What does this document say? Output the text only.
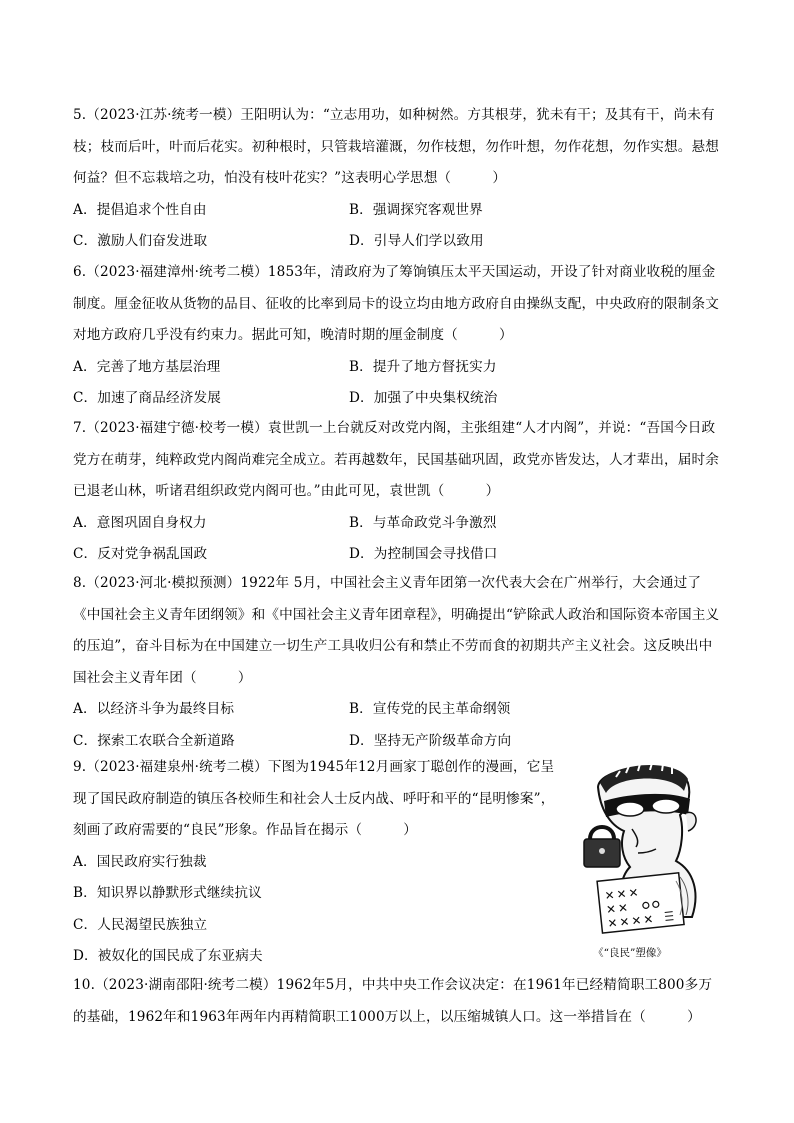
5.（2023·江苏·统考一模）王阳明认为：“立志用功，如种树然。方其根芽，犹未有干；及其有干，尚未有枝；枝而后叶，叶而后花实。初种根时，只管栽培灌溉，勿作枝想，勿作叶想，勿作花想，勿作实想。悬想何益？但不忘栽培之功，怕没有枝叶花实？”这表明心学思想（　　　）

A．提倡追求个性自由	B．强调探究客观世界
C．激励人们奋发进取	D．引导人们学以致用

6.（2023·福建漳州·统考二模）1853年，清政府为了筹饷镇压太平天国运动，开设了针对商业收税的厘金制度。厘金征收从货物的品目、征收的比率到局卡的设立均由地方政府自由操纵支配，中央政府的限制条文对地方政府几乎没有约束力。据此可知，晚清时期的厘金制度（　　　）

A．完善了地方基层治理	B．提升了地方督抚实力
C．加速了商品经济发展	D．加强了中央集权统治

7.（2023·福建宁德·校考一模）袁世凯一上台就反对改党内阁，主张组建“人才内阁”，并说：“吾国今日政党方在萌芽，纯粹政党内阁尚难完全成立。若再越数年，民国基础巩固，政党亦皆发达，人才辈出，届时余已退老山林，听诸君组织政党内阁可也。”由此可见，袁世凯（　　　）

A．意图巩固自身权力	B．与革命政党斗争激烈
C．反对党争祸乱国政	D．为控制国会寻找借口

8.（2023·河北·模拟预测）1922年 5月，中国社会主义青年团第一次代表大会在广州举行，大会通过了《中国社会主义青年团纲领》和《中国社会主义青年团章程》，明确提出“铲除武人政治和国际资本帝国主义的压迫”，奋斗目标为在中国建立一切生产工具收归公有和禁止不劳而食的初期共产主义社会。这反映出中国社会主义青年团（　　　）

A．以经济斗争为最终目标	B．宣传党的民主革命纲领
C．探索工农联合全新道路	D．坚持无产阶级革命方向

9.（2023·福建泉州·统考二模）下图为1945年12月画家丁聪创作的漫画，它呈现了国民政府制造的镇压各校师生和社会人士反内战、呼吁和平的“昆明惨案”，刻画了政府需要的“良民”形象。作品旨在揭示（　　　）

A．国民政府实行独裁
B．知识界以静默形式继续抗议
C．人民渴望民族独立
D．被奴化的国民成了东亚病夫	《“良民”塑像》

10.（2023·湖南邵阳·统考二模）1962年5月，中共中央工作会议决定：在1961年已经精简职工800多万的基础，1962年和1963年两年内再精简职工1000万以上，以压缩城镇人口。这一举措旨在（　　　）
